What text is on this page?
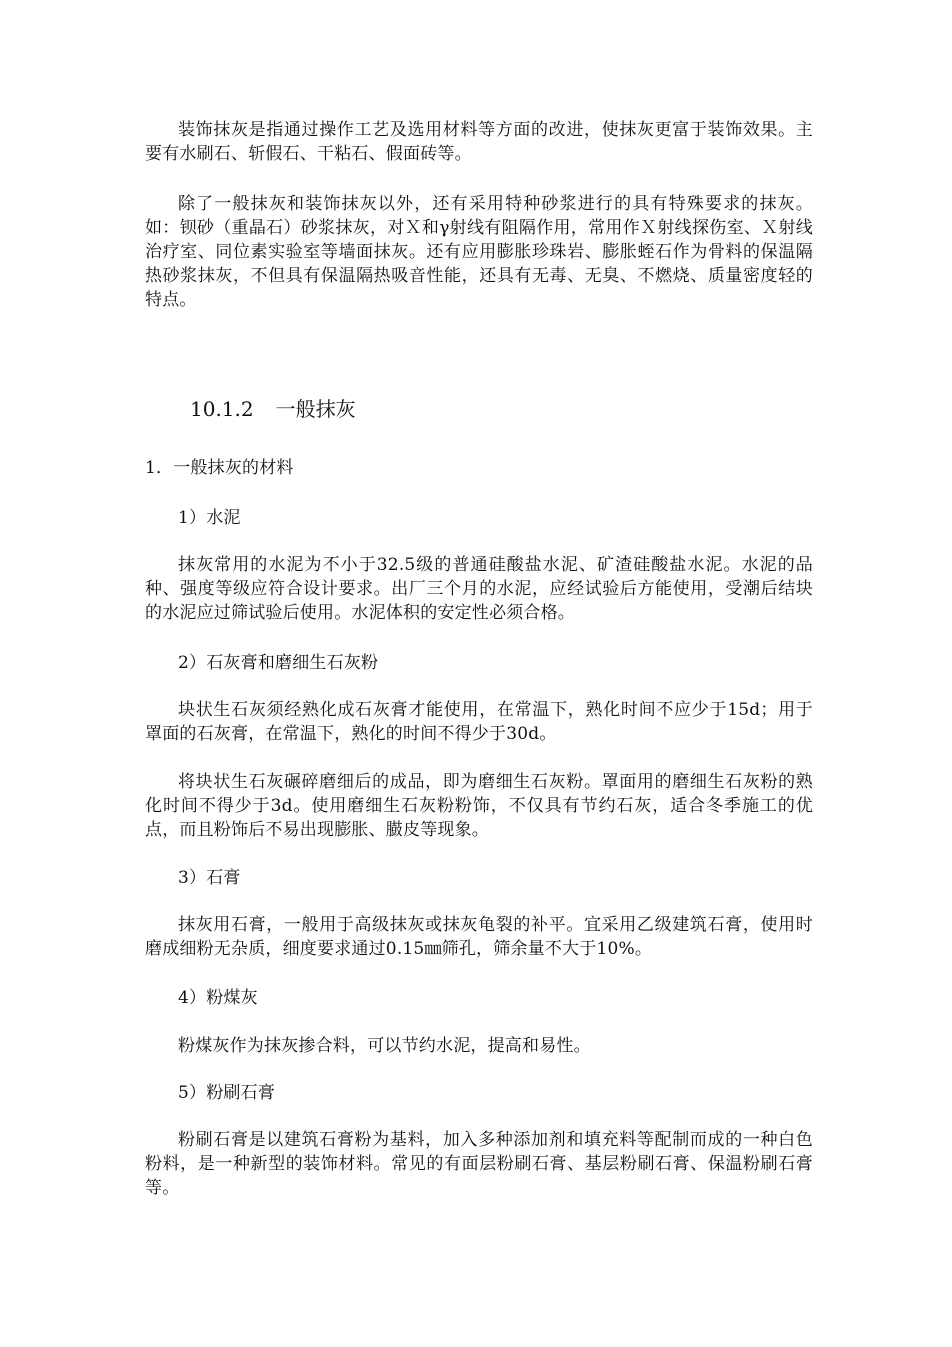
装饰抹灰是指通过操作工艺及选用材料等方面的改进，使抹灰更富于装饰效果。主要有水刷石、斩假石、干粘石、假面砖等。

除了一般抹灰和装饰抹灰以外，还有采用特种砂浆进行的具有特殊要求的抹灰。如：钡砂（重晶石）砂浆抹灰，对Ｘ和γ射线有阻隔作用，常用作Ｘ射线探伤室、Ｘ射线治疗室、同位素实验室等墙面抹灰。还有应用膨胀珍珠岩、膨胀蛭石作为骨料的保温隔热砂浆抹灰，不但具有保温隔热吸音性能，还具有无毒、无臭、不燃烧、质量密度轻的特点。

10.1.2 一般抹灰

1．一般抹灰的材料

1）水泥

抹灰常用的水泥为不小于32.5级的普通硅酸盐水泥、矿渣硅酸盐水泥。水泥的品种、强度等级应符合设计要求。出厂三个月的水泥，应经试验后方能使用，受潮后结块的水泥应过筛试验后使用。水泥体积的安定性必须合格。

2）石灰膏和磨细生石灰粉

块状生石灰须经熟化成石灰膏才能使用，在常温下，熟化时间不应少于15d；用于罩面的石灰膏，在常温下，熟化的时间不得少于30d。

将块状生石灰碾碎磨细后的成品，即为磨细生石灰粉。罩面用的磨细生石灰粉的熟化时间不得少于3d。使用磨细生石灰粉粉饰，不仅具有节约石灰，适合冬季施工的优点，而且粉饰后不易出现膨胀、臌皮等现象。

3）石膏

抹灰用石膏，一般用于高级抹灰或抹灰龟裂的补平。宜采用乙级建筑石膏，使用时磨成细粉无杂质，细度要求通过0.15㎜筛孔，筛余量不大于10%。

4）粉煤灰

粉煤灰作为抹灰掺合料，可以节约水泥，提高和易性。

5）粉刷石膏

粉刷石膏是以建筑石膏粉为基料，加入多种添加剂和填充料等配制而成的一种白色粉料，是一种新型的装饰材料。常见的有面层粉刷石膏、基层粉刷石膏、保温粉刷石膏等。
